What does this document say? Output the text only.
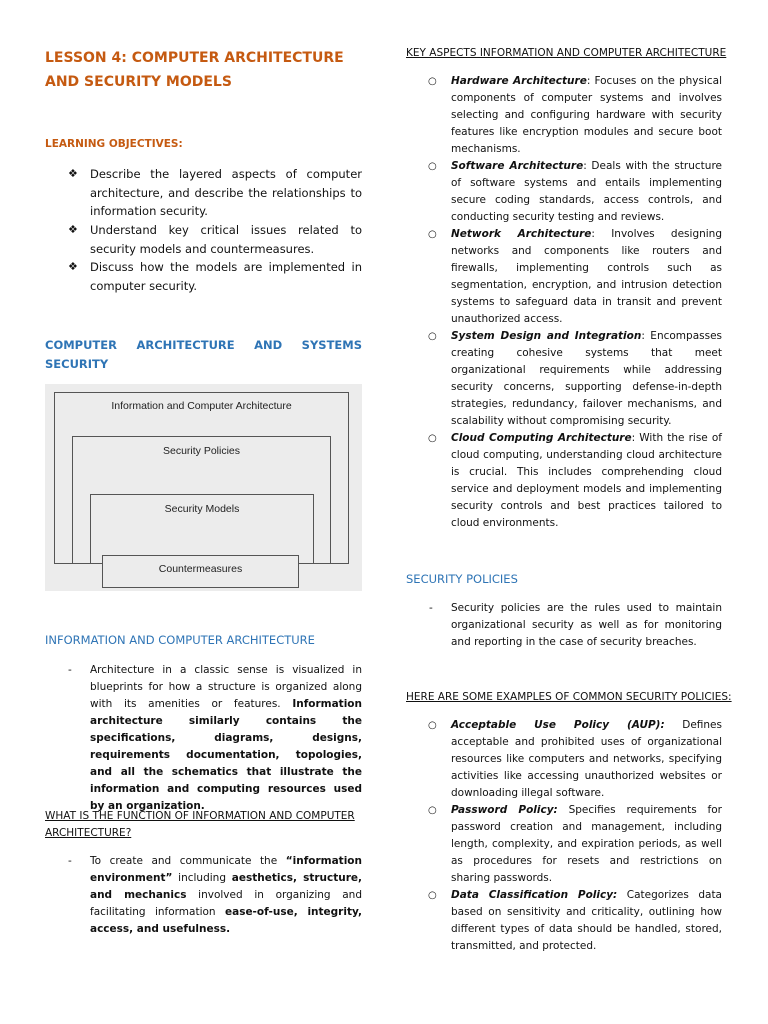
LESSON 4: COMPUTER ARCHITECTURE AND SECURITY MODELS
LEARNING OBJECTIVES:
❖ Describe the layered aspects of computer architecture, and describe the relationships to information security.
❖ Understand key critical issues related to security models and countermeasures.
❖ Discuss how the models are implemented in computer security.
COMPUTER ARCHITECTURE AND SYSTEMS
SECURITY
Information and Computer Architecture
Security Policies
Security Models
Countermeasures
INFORMATION AND COMPUTER ARCHITECTURE
- Architecture in a classic sense is visualized in blueprints for how a structure is organized along with its amenities or features. Information architecture similarly contains the specifications, diagrams, designs, requirements documentation, topologies, and all the schematics that illustrate the information and computing resources used by an organization.
WHAT IS THE FUNCTION OF INFORMATION AND COMPUTER ARCHITECTURE?
- To create and communicate the “information environment” including aesthetics, structure, and mechanics involved in organizing and facilitating information ease-of-use, integrity, access, and usefulness.
KEY ASPECTS INFORMATION AND COMPUTER ARCHITECTURE
○ Hardware Architecture: Focuses on the physical components of computer systems and involves selecting and configuring hardware with security features like encryption modules and secure boot mechanisms.
○ Software Architecture: Deals with the structure of software systems and entails implementing secure coding standards, access controls, and conducting security testing and reviews.
○ Network Architecture: Involves designing networks and components like routers and firewalls, implementing controls such as segmentation, encryption, and intrusion detection systems to safeguard data in transit and prevent unauthorized access.
○ System Design and Integration: Encompasses creating cohesive systems that meet organizational requirements while addressing security concerns, supporting defense-in-depth strategies, redundancy, failover mechanisms, and scalability without compromising security.
○ Cloud Computing Architecture: With the rise of cloud computing, understanding cloud architecture is crucial. This includes comprehending cloud service and deployment models and implementing security controls and best practices tailored to cloud environments.
SECURITY POLICIES
- Security policies are the rules used to maintain organizational security as well as for monitoring and reporting in the case of security breaches.
HERE ARE SOME EXAMPLES OF COMMON SECURITY POLICIES:
○ Acceptable Use Policy (AUP): Defines acceptable and prohibited uses of organizational resources like computers and networks, specifying activities like accessing unauthorized websites or downloading illegal software.
○ Password Policy: Specifies requirements for password creation and management, including length, complexity, and expiration periods, as well as procedures for resets and restrictions on sharing passwords.
○ Data Classification Policy: Categorizes data based on sensitivity and criticality, outlining how different types of data should be handled, stored, transmitted, and protected.
